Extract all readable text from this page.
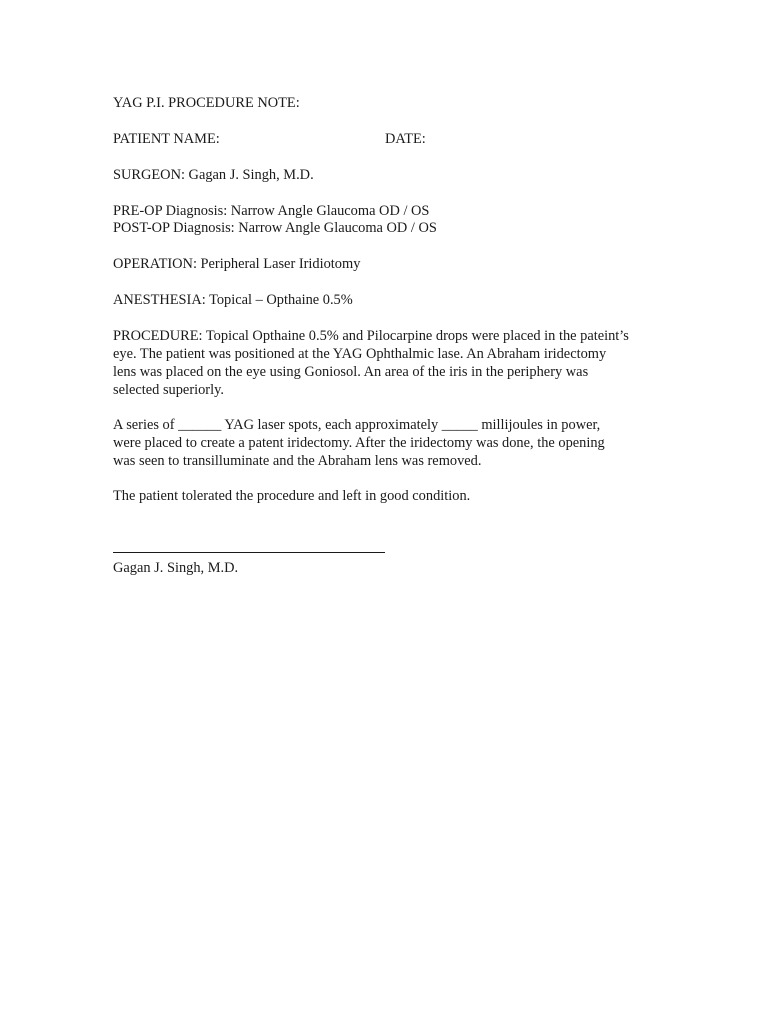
YAG P.I. PROCEDURE NOTE:
PATIENT NAME:	DATE:
SURGEON: Gagan J. Singh, M.D.
PRE-OP Diagnosis: Narrow Angle Glaucoma OD / OS
POST-OP Diagnosis: Narrow Angle Glaucoma OD / OS
OPERATION: Peripheral Laser Iridiotomy
ANESTHESIA: Topical – Opthaine 0.5%
PROCEDURE: Topical Opthaine 0.5% and Pilocarpine drops were placed in the pateint’s
eye. The patient was positioned at the YAG Ophthalmic lase. An Abraham iridectomy
lens was placed on the eye using Goniosol. An area of the iris in the periphery was
selected superiorly.
A series of ______ YAG laser spots, each approximately _____ millijoules in power,
were placed to create a patent iridectomy. After the iridectomy was done, the opening
was seen to transilluminate and the Abraham lens was removed.
The patient tolerated the procedure and left in good condition.
Gagan J. Singh, M.D.
